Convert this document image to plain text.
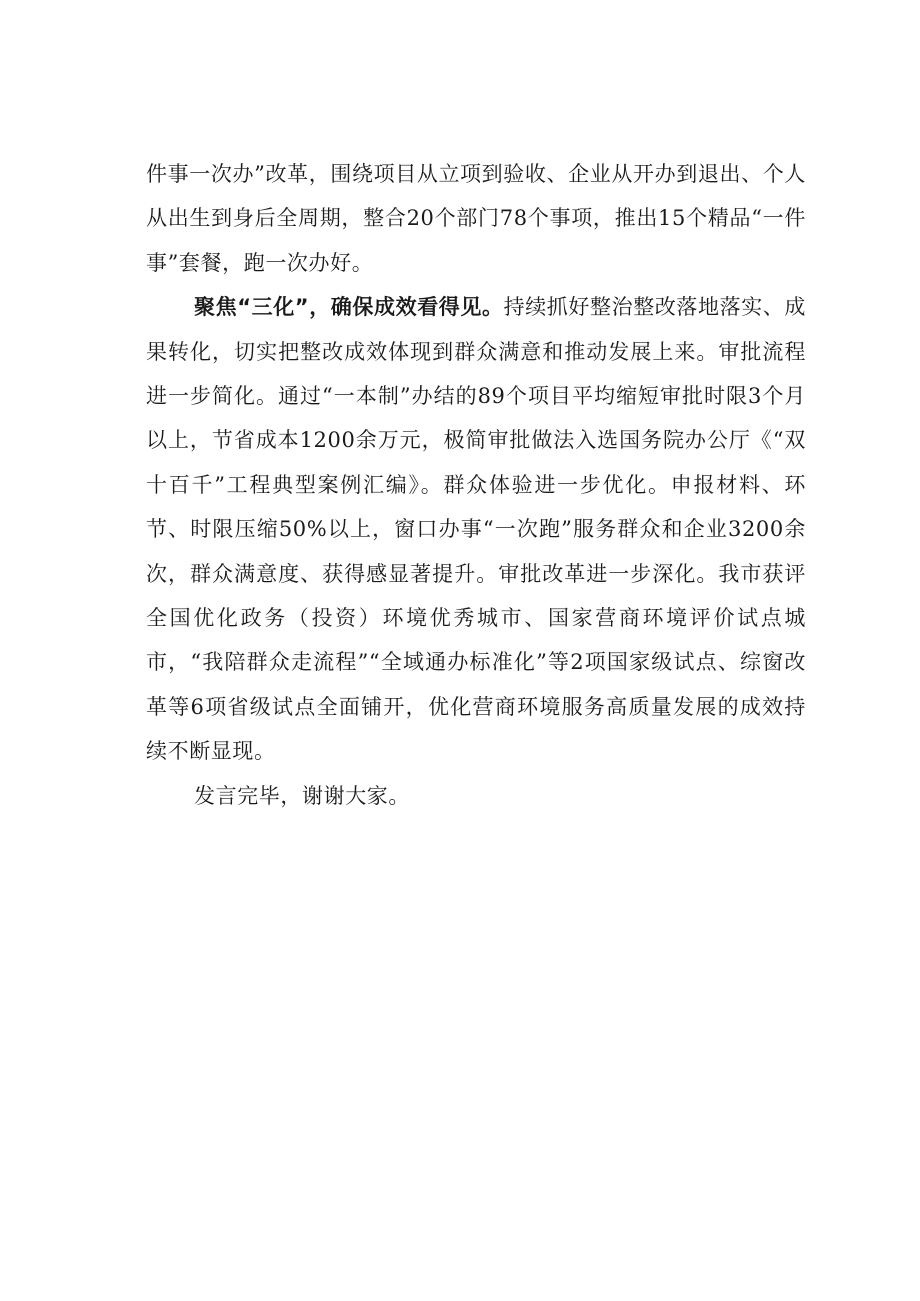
件事一次办”改革，围绕项目从立项到验收、企业从开办到退出、个人从出生到身后全周期，整合20个部门78个事项，推出15个精品“一件事”套餐，跑一次办好。

聚焦“三化”，确保成效看得见。持续抓好整治整改落地落实、成果转化，切实把整改成效体现到群众满意和推动发展上来。审批流程进一步简化。通过“一本制”办结的89个项目平均缩短审批时限3个月以上，节省成本1200余万元，极简审批做法入选国务院办公厅《“双十百千”工程典型案例汇编》。群众体验进一步优化。申报材料、环节、时限压缩50%以上，窗口办事“一次跑”服务群众和企业3200余次，群众满意度、获得感显著提升。审批改革进一步深化。我市获评全国优化政务（投资）环境优秀城市、国家营商环境评价试点城市，“我陪群众走流程”“全域通办标准化”等2项国家级试点、综窗改革等6项省级试点全面铺开，优化营商环境服务高质量发展的成效持续不断显现。

发言完毕，谢谢大家。
